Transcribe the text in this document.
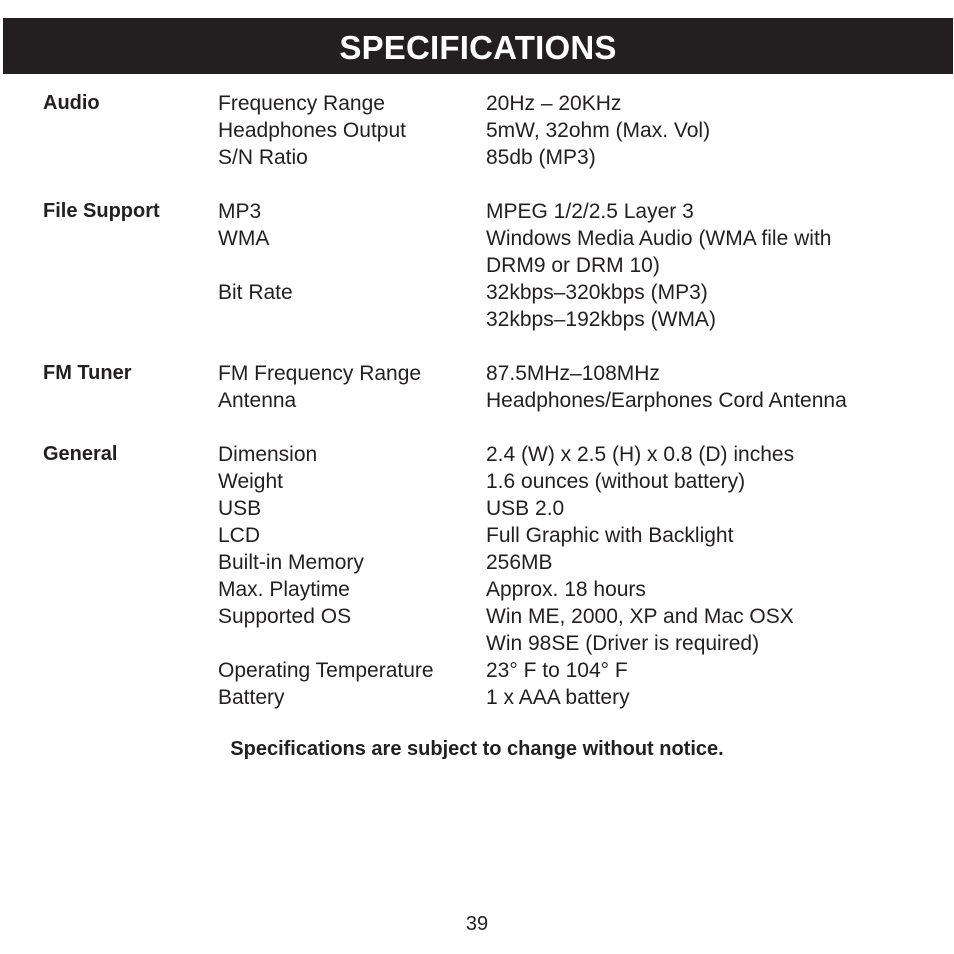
SPECIFICATIONS
Audio	Frequency Range	20Hz – 20KHz
Headphones Output	5mW, 32ohm (Max. Vol)
S/N Ratio	85db (MP3)
File Support	MP3	MPEG 1/2/2.5 Layer 3
WMA	Windows Media Audio (WMA file with
DRM9 or DRM 10)
Bit Rate	32kbps–320kbps (MP3)
32kbps–192kbps (WMA)
FM Tuner	FM Frequency Range	87.5MHz–108MHz
Antenna	Headphones/Earphones Cord Antenna
General	Dimension	2.4 (W) x 2.5 (H) x 0.8 (D) inches
Weight	1.6 ounces (without battery)
USB	USB 2.0
LCD	Full Graphic with Backlight
Built-in Memory	256MB
Max. Playtime	Approx. 18 hours
Supported OS	Win ME, 2000, XP and Mac OSX
Win 98SE (Driver is required)
Operating Temperature 23° F to 104° F
Battery	1 x AAA battery
Specifications are subject to change without notice.
39
